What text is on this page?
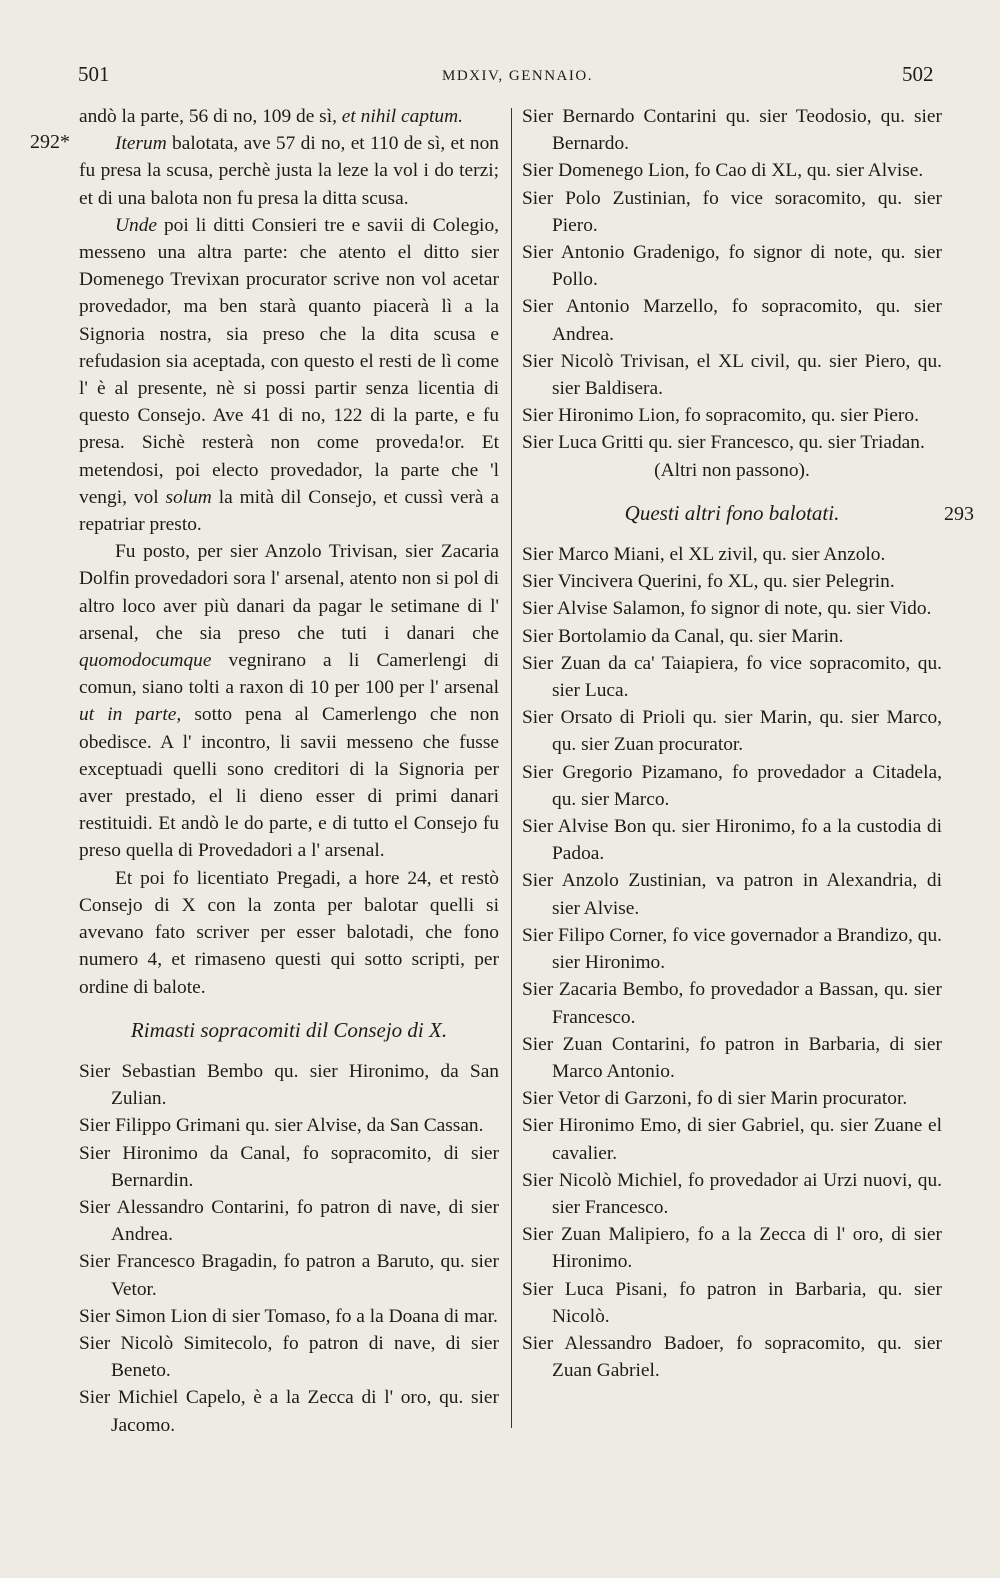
501	MDXIV, GENNAIO.	502
292*
293

andò la parte, 56 di no, 109 de sì, et nihil captum.

Iterum balotata, ave 57 di no, et 110 de sì, et non fu presa la scusa, perchè justa la leze la vol i do terzi; et di una balota non fu presa la ditta scusa.

Unde poi li ditti Consieri tre e savii di Colegio, messeno una altra parte: che atento el ditto sier Domenego Trevixan procurator scrive non vol acetar provedador, ma ben starà quanto piacerà lì a la Signoria nostra, sia preso che la dita scusa e refudasion sia aceptada, con questo el resti de lì come l' è al presente, nè si possi partir senza licentia di questo Consejo. Ave 41 di no, 122 di la parte, e fu presa. Sichè resterà non come proveda!or. Et metendosi, poi electo provedador, la parte che 'l vengi, vol solum la mità dil Consejo, et cussì verà a repatriar presto.

Fu posto, per sier Anzolo Trivisan, sier Zacaria Dolfin provedadori sora l' arsenal, atento non si pol di altro loco aver più danari da pagar le setimane di l' arsenal, che sia preso che tuti i danari che quomodocumque vegnirano a li Camerlengi di comun, siano tolti a raxon di 10 per 100 per l' arsenal ut in parte, sotto pena al Camerlengo che non obedisce. A l' incontro, li savii messeno che fusse exceptuadi quelli sono creditori di la Signoria per aver prestado, el li dieno esser di primi danari restituidi. Et andò le do parte, e di tutto el Consejo fu preso quella di Provedadori a l' arsenal.

Et poi fo licentiato Pregadi, a hore 24, et restò Consejo di X con la zonta per balotar quelli si avevano fato scriver per esser balotadi, che fono numero 4, et rimaseno questi qui sotto scripti, per ordine di balote.

Rimasti sopracomiti dil Consejo di X.

Sier Sebastian Bembo qu. sier Hironimo, da San Zulian.

Sier Filippo Grimani qu. sier Alvise, da San Cassan.

Sier Hironimo da Canal, fo sopracomito, di sier Bernardin.

Sier Alessandro Contarini, fo patron di nave, di sier Andrea.

Sier Francesco Bragadin, fo patron a Baruto, qu. sier Vetor.

Sier Simon Lion di sier Tomaso, fo a la Doana di mar.

Sier Nicolò Simitecolo, fo patron di nave, di sier Beneto.

Sier Michiel Capelo, è a la Zecca di l' oro, qu. sier Jacomo.

Sier Bernardo Contarini qu. sier Teodosio, qu. sier Bernardo.

Sier Domenego Lion, fo Cao di XL, qu. sier Alvise.

Sier Polo Zustinian, fo vice soracomito, qu. sier Piero.

Sier Antonio Gradenigo, fo signor di note, qu. sier Pollo.

Sier Antonio Marzello, fo sopracomito, qu. sier Andrea.

Sier Nicolò Trivisan, el XL civil, qu. sier Piero, qu. sier Baldisera.

Sier Hironimo Lion, fo sopracomito, qu. sier Piero.

Sier Luca Gritti qu. sier Francesco, qu. sier Triadan.

(Altri non passono).

Questi altri fono balotati.

Sier Marco Miani, el XL zivil, qu. sier Anzolo.

Sier Vincivera Querini, fo XL, qu. sier Pelegrin.

Sier Alvise Salamon, fo signor di note, qu. sier Vido.

Sier Bortolamio da Canal, qu. sier Marin.

Sier Zuan da ca' Taiapiera, fo vice sopracomito, qu. sier Luca.

Sier Orsato di Prioli qu. sier Marin, qu. sier Marco, qu. sier Zuan procurator.

Sier Gregorio Pizamano, fo provedador a Citadela, qu. sier Marco.

Sier Alvise Bon qu. sier Hironimo, fo a la custodia di Padoa.

Sier Anzolo Zustinian, va patron in Alexandria, di sier Alvise.

Sier Filipo Corner, fo vice governador a Brandizo, qu. sier Hironimo.

Sier Zacaria Bembo, fo provedador a Bassan, qu. sier Francesco.

Sier Zuan Contarini, fo patron in Barbaria, di sier Marco Antonio.

Sier Vetor di Garzoni, fo di sier Marin procurator.

Sier Hironimo Emo, di sier Gabriel, qu. sier Zuane el cavalier.

Sier Nicolò Michiel, fo provedador ai Urzi nuovi, qu. sier Francesco.

Sier Zuan Malipiero, fo a la Zecca di l' oro, di sier Hironimo.

Sier Luca Pisani, fo patron in Barbaria, qu. sier Nicolò.

Sier Alessandro Badoer, fo sopracomito, qu. sier Zuan Gabriel.
